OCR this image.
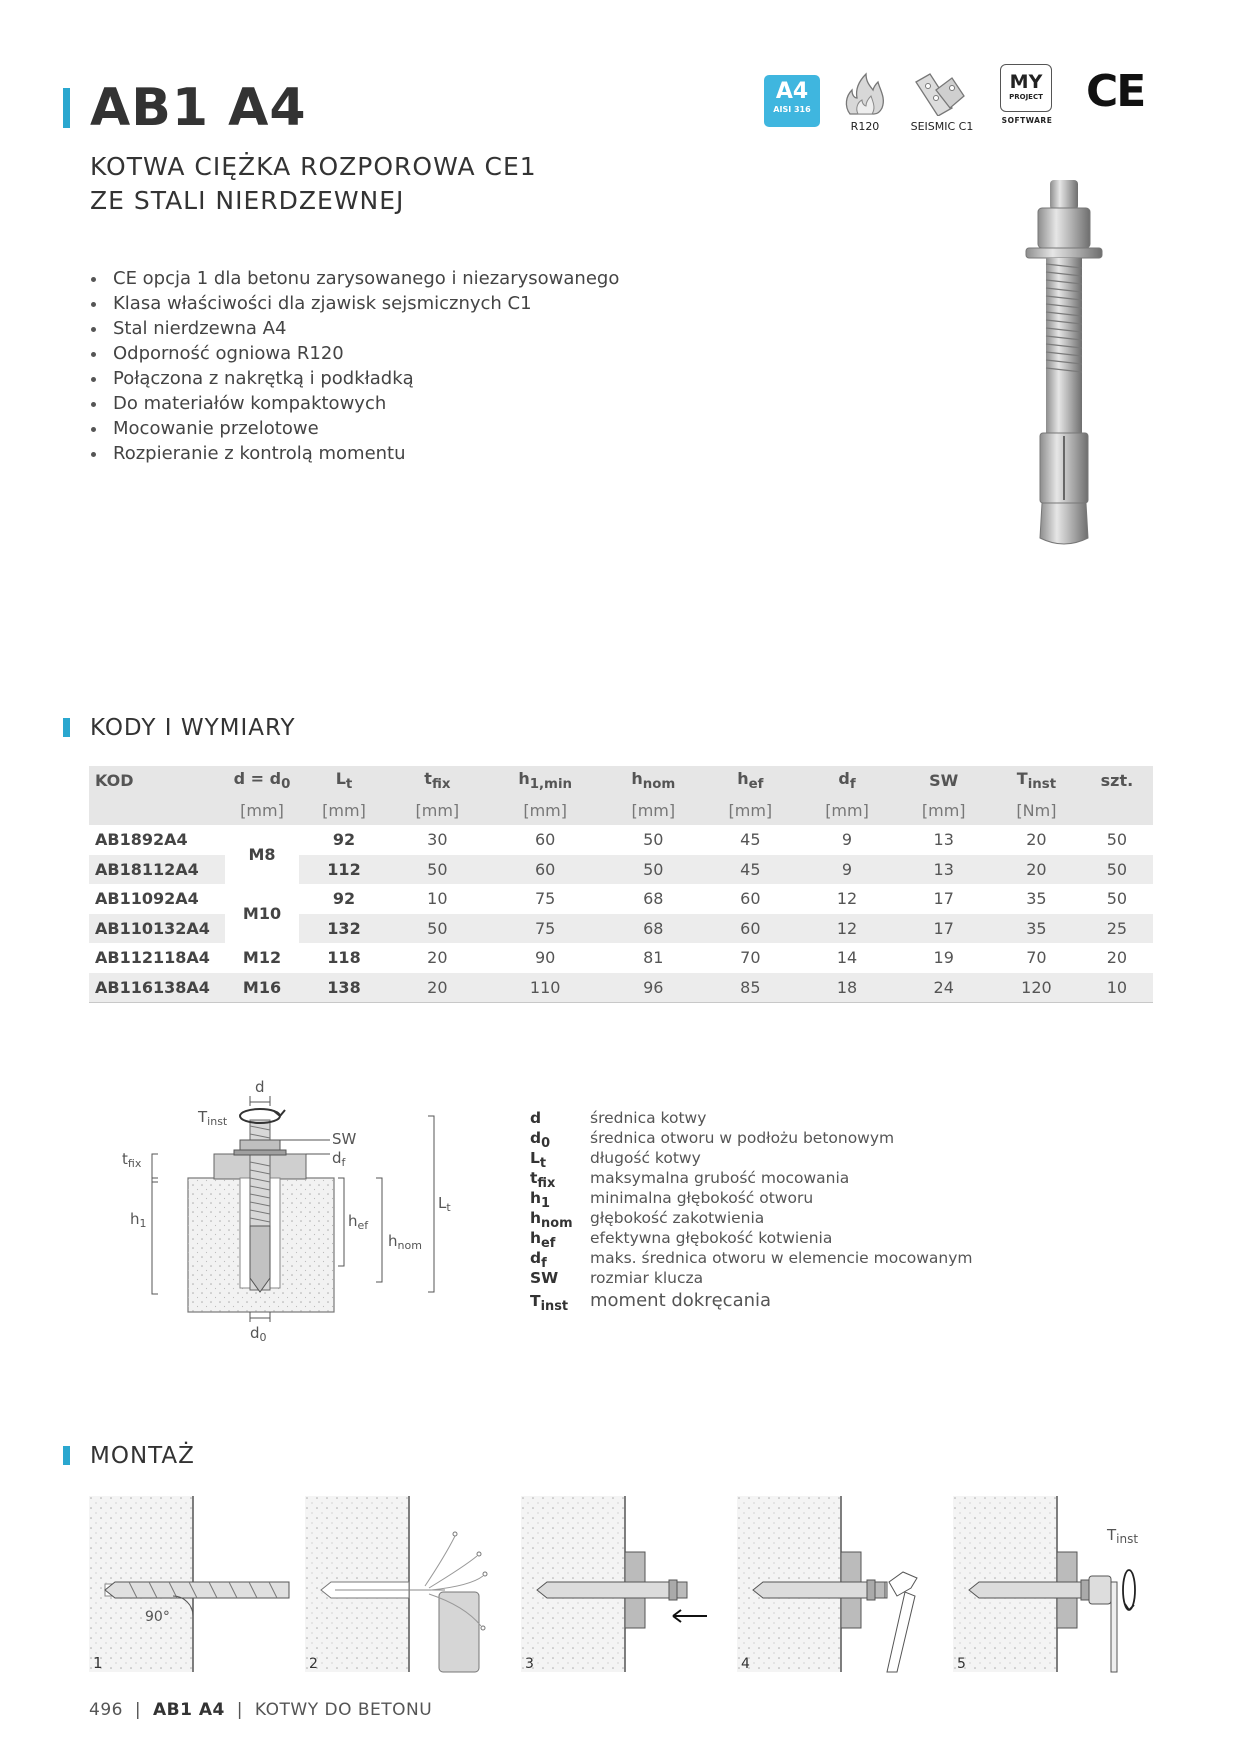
AB1 A4
KOTWA CIĘŻKA ROZPOROWA CE1
ZE STALI NIERDZEWNEJ
A4
AISI 316
R120	SEISMIC C1
MY
PROJECT
SOFTWARE
CE
CE opcja 1 dla betonu zarysowanego i niezarysowanego
Klasa właściwości dla zjawisk sejsmicznych C1
Stal nierdzewna A4
Odporność ogniowa R120
Połączona z nakrętką i podkładką
Do materiałów kompaktowych
Mocowanie przelotowe
Rozpieranie z kontrolą momentu
KODY I WYMIARY
KOD	$d = d_0$	$L_t$	$t_{fix}$	$h_{1,min}$	$h_{nom}$	$h_{ef}$	$d_f$	SW	$T_{inst}$	szt.
	[mm]	[mm]	[mm]	[mm]	[mm]	[mm]	[mm]	[mm]	[Nm]	
AB1892A4	M8	92	30	60	50	45	9	13	20	50
AB18112A4		112	50	60	50	45	9	13	20	50
AB11092A4	M10	92	10	75	68	60	12	17	35	50
AB110132A4		132	50	75	68	60	12	17	35	25
AB112118A4	M12	118	20	90	81	70	14	19	70	20
AB116138A4	M16	138	20	110	96	85	18	24	120	10
d
$T_{inst}$
SW
$d_f$
$t_{fix}$
$h_1$	$h_{ef}$
$h_{nom}$
$L_t$
$d_0$
d	średnica kotwy
$d_0$	średnica otworu w podłożu betonowym
$L_t$	długość kotwy
$t_{fix}$	maksymalna grubość mocowania
$h_1$	minimalna głębokość otworu
$h_{nom}$	głębokość zakotwienia
$h_{ef}$	efektywna głębokość kotwienia
$d_f$	maks. średnica otworu w elemencie mocowanym
SW	rozmiar klucza
$T_{inst}$	moment dokręcania
MONTAŻ
90°
1	2	3	4
$T_{inst}$
5
496 | AB1 A4 | KOTWY DO BETONU
